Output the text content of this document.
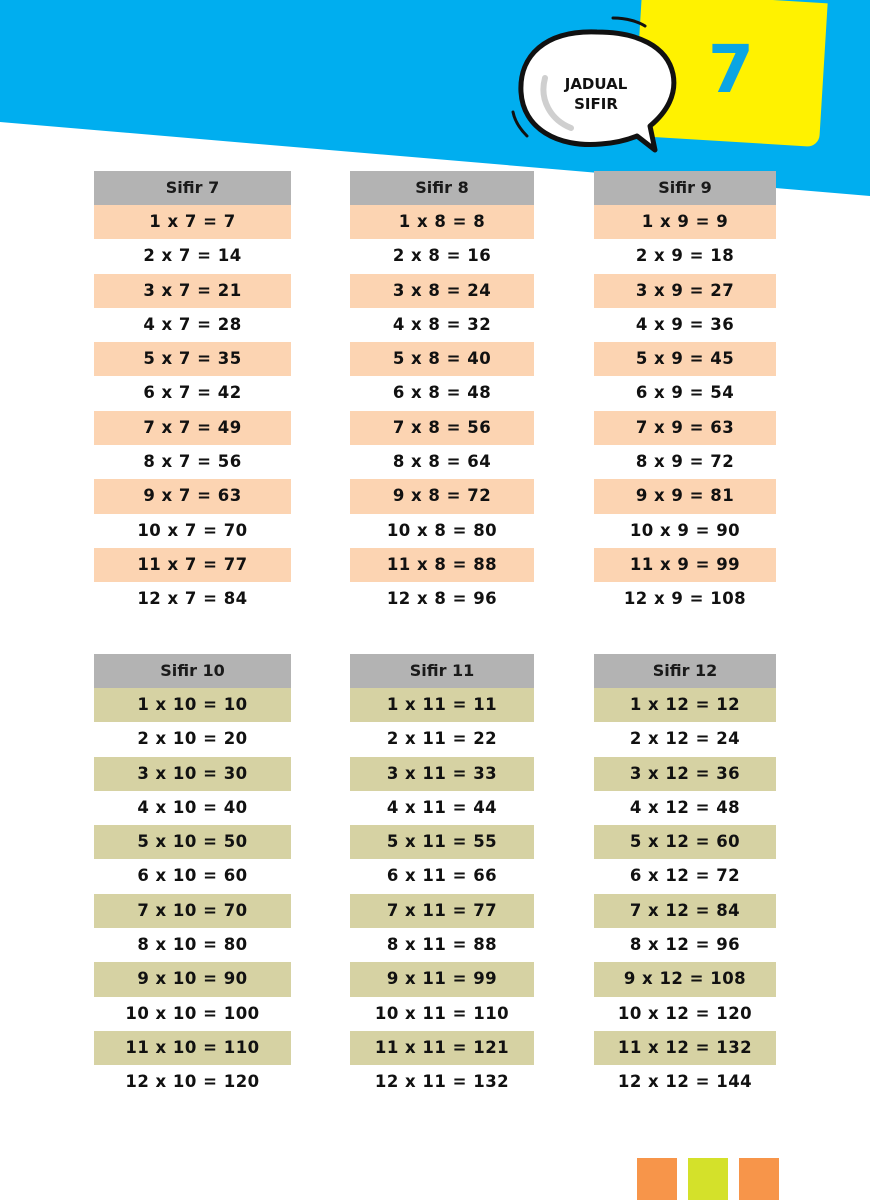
7
JADUAL
SIFIR
Sifir 7
1 x 7 = 7
2 x 7 = 14
3 x 7 = 21
4 x 7 = 28
5 x 7 = 35
6 x 7 = 42
7 x 7 = 49
8 x 7 = 56
9 x 7 = 63
10 x 7 = 70
11 x 7 = 77
12 x 7 = 84
Sifir 8
1 x 8 = 8
2 x 8 = 16
3 x 8 = 24
4 x 8 = 32
5 x 8 = 40
6 x 8 = 48
7 x 8 = 56
8 x 8 = 64
9 x 8 = 72
10 x 8 = 80
11 x 8 = 88
12 x 8 = 96
Sifir 9
1 x 9 = 9
2 x 9 = 18
3 x 9 = 27
4 x 9 = 36
5 x 9 = 45
6 x 9 = 54
7 x 9 = 63
8 x 9 = 72
9 x 9 = 81
10 x 9 = 90
11 x 9 = 99
12 x 9 = 108
Sifir 10
1 x 10 = 10
2 x 10 = 20
3 x 10 = 30
4 x 10 = 40
5 x 10 = 50
6 x 10 = 60
7 x 10 = 70
8 x 10 = 80
9 x 10 = 90
10 x 10 = 100
11 x 10 = 110
12 x 10 = 120
Sifir 11
1 x 11 = 11
2 x 11 = 22
3 x 11 = 33
4 x 11 = 44
5 x 11 = 55
6 x 11 = 66
7 x 11 = 77
8 x 11 = 88
9 x 11 = 99
10 x 11 = 110
11 x 11 = 121
12 x 11 = 132
Sifir 12
1 x 12 = 12
2 x 12 = 24
3 x 12 = 36
4 x 12 = 48
5 x 12 = 60
6 x 12 = 72
7 x 12 = 84
8 x 12 = 96
9 x 12 = 108
10 x 12 = 120
11 x 12 = 132
12 x 12 = 144
